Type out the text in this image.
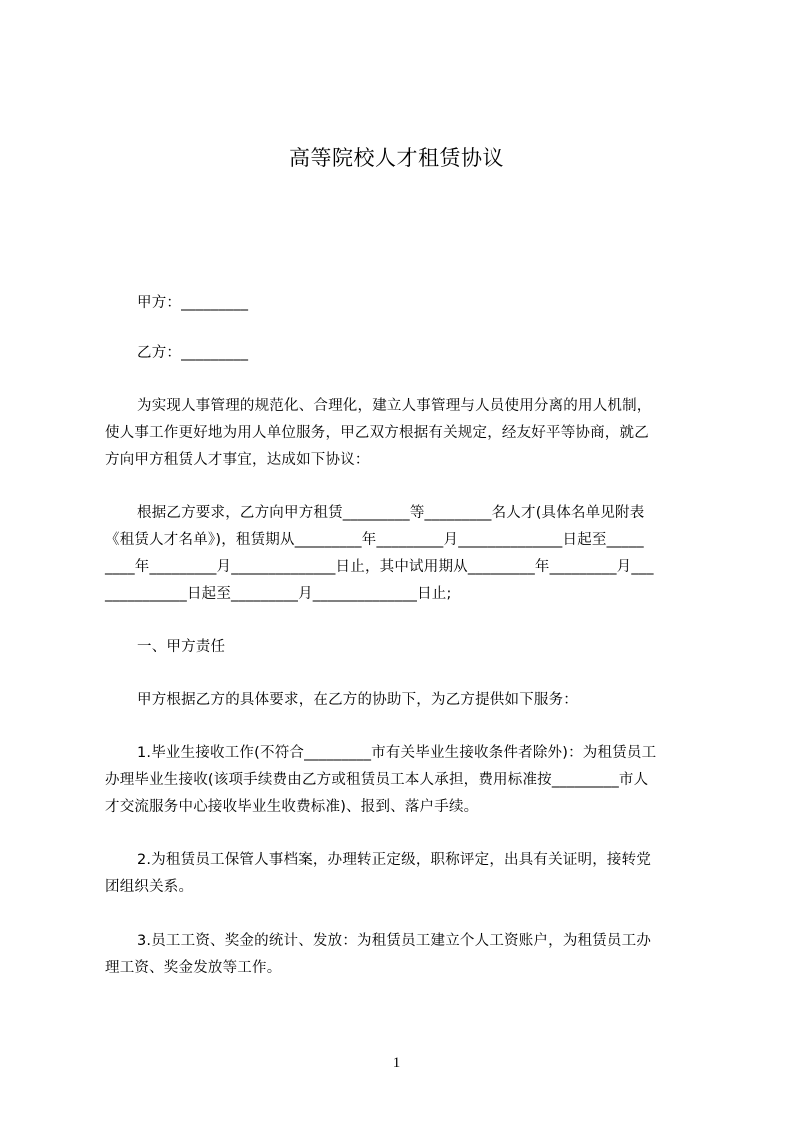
高等院校人才租赁协议

甲方：_________

乙方：_________

为实现人事管理的规范化、合理化，建立人事管理与人员使用分离的用人机制，
使人事工作更好地为用人单位服务，甲乙双方根据有关规定，经友好平等协商，就乙
方向甲方租赁人才事宜，达成如下协议：

根据乙方要求，乙方向甲方租赁_________等_________名人才(具体名单见附表
《租赁人才名单》)，租赁期从_________年_________月______________日起至_____
____年_________月______________日止，其中试用期从_________年_________月___
___________日起至_________月______________日止;

一、甲方责任

甲方根据乙方的具体要求，在乙方的协助下，为乙方提供如下服务：

1.毕业生接收工作(不符合_________市有关毕业生接收条件者除外)：为租赁员工
办理毕业生接收(该项手续费由乙方或租赁员工本人承担，费用标准按_________市人
才交流服务中心接收毕业生收费标准)、报到、落户手续。

2.为租赁员工保管人事档案，办理转正定级，职称评定，出具有关证明，接转党
团组织关系。

3.员工工资、奖金的统计、发放：为租赁员工建立个人工资账户，为租赁员工办
理工资、奖金发放等工作。

1
